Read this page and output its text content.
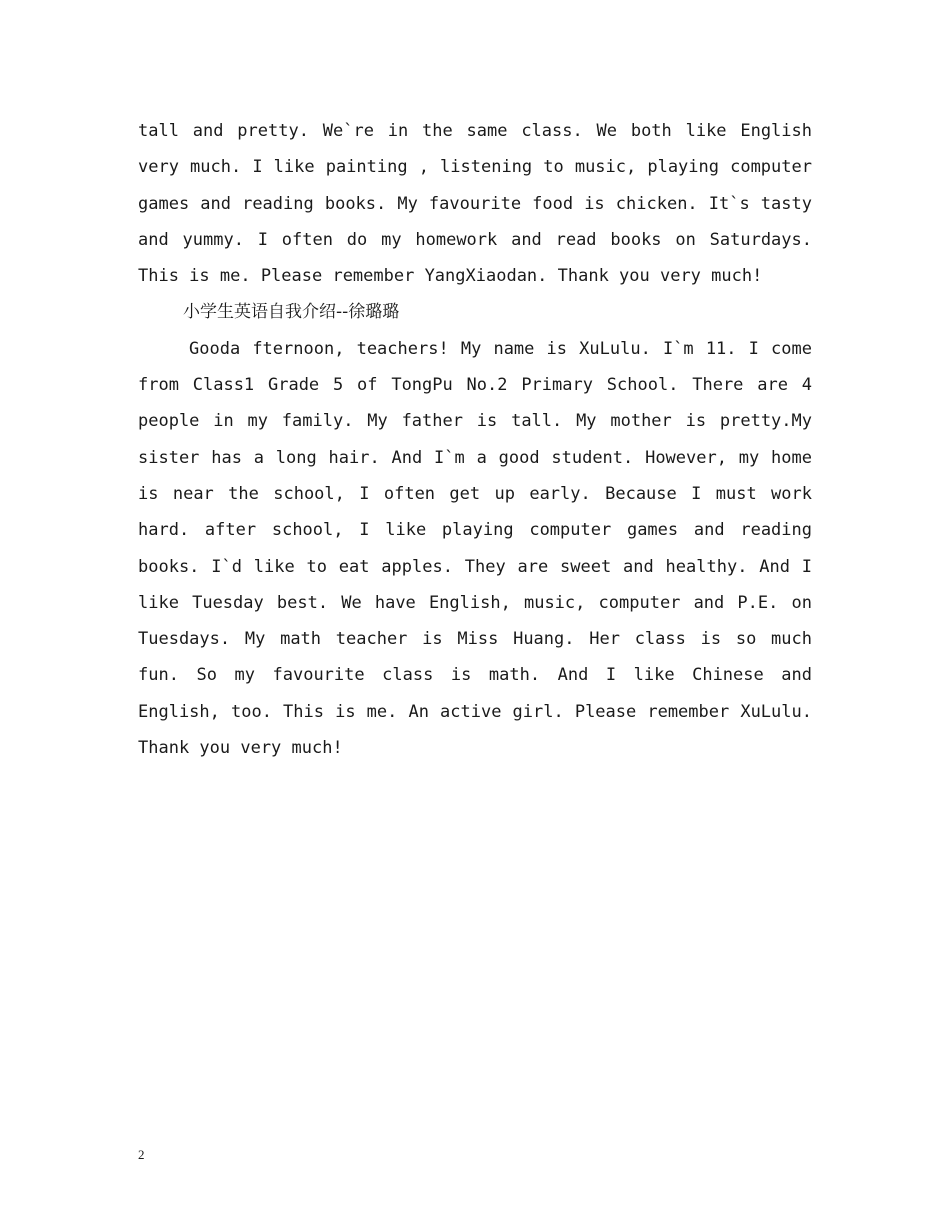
tall and pretty. We`re in the same class. We both like English very much. I like painting , listening to music, playing computer games and reading books. My favourite food is chicken. It`s tasty and yummy. I often do my homework and read books on Saturdays. This is me. Please remember YangXiaodan. Thank you very much!

小学生英语自我介绍--徐璐璐

Gooda fternoon, teachers! My name is XuLulu. I`m 11. I come from Class1 Grade 5 of TongPu No.2 Primary School. There are 4 people in my family. My father is tall. My mother is pretty.My sister has a long hair. And I`m a good student. However, my home is near the school, I often get up early. Because I must work hard. after school, I like playing computer games and reading books. I`d like to eat apples. They are sweet and healthy. And I like Tuesday best. We have English, music, computer and P.E. on Tuesdays. My math teacher is Miss Huang. Her class is so much fun. So my favourite class is math. And I like Chinese and English, too. This is me. An active girl. Please remember XuLulu. Thank you very much!

2
